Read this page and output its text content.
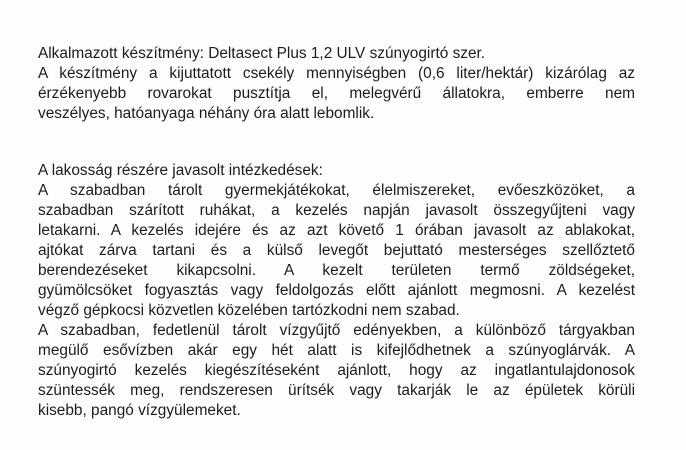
Alkalmazott készítmény: Deltasect Plus 1,2 ULV szúnyogirtó szer.
A készítmény a kijuttatott csekély mennyiségben (0,6 liter/hektár) kizárólag az
érzékenyebb rovarokat pusztítja el, melegvérű állatokra, emberre nem
veszélyes, hatóanyaga néhány óra alatt lebomlik.
A lakosság részére javasolt intézkedések:
A szabadban tárolt gyermekjátékokat, élelmiszereket, evőeszközöket, a
szabadban szárított ruhákat, a kezelés napján javasolt összegyűjteni vagy
letakarni. A kezelés idejére és az azt követő 1 órában javasolt az ablakokat,
ajtókat zárva tartani és a külső levegőt bejuttató mesterséges szellőztető
berendezéseket kikapcsolni. A kezelt területen termő zöldségeket,
gyümölcsöket fogyasztás vagy feldolgozás előtt ajánlott megmosni. A kezelést
végző gépkocsi közvetlen közelében tartózkodni nem szabad.
A szabadban, fedetlenül tárolt vízgyűjtő edényekben, a különböző tárgyakban
megülő esővízben akár egy hét alatt is kifejlődhetnek a szúnyoglárvák. A
szúnyogirtó kezelés kiegészítéseként ajánlott, hogy az ingatlantulajdonosok
szüntessék meg, rendszeresen ürítsék vagy takarják le az épületek körüli
kisebb, pangó vízgyülemeket.
